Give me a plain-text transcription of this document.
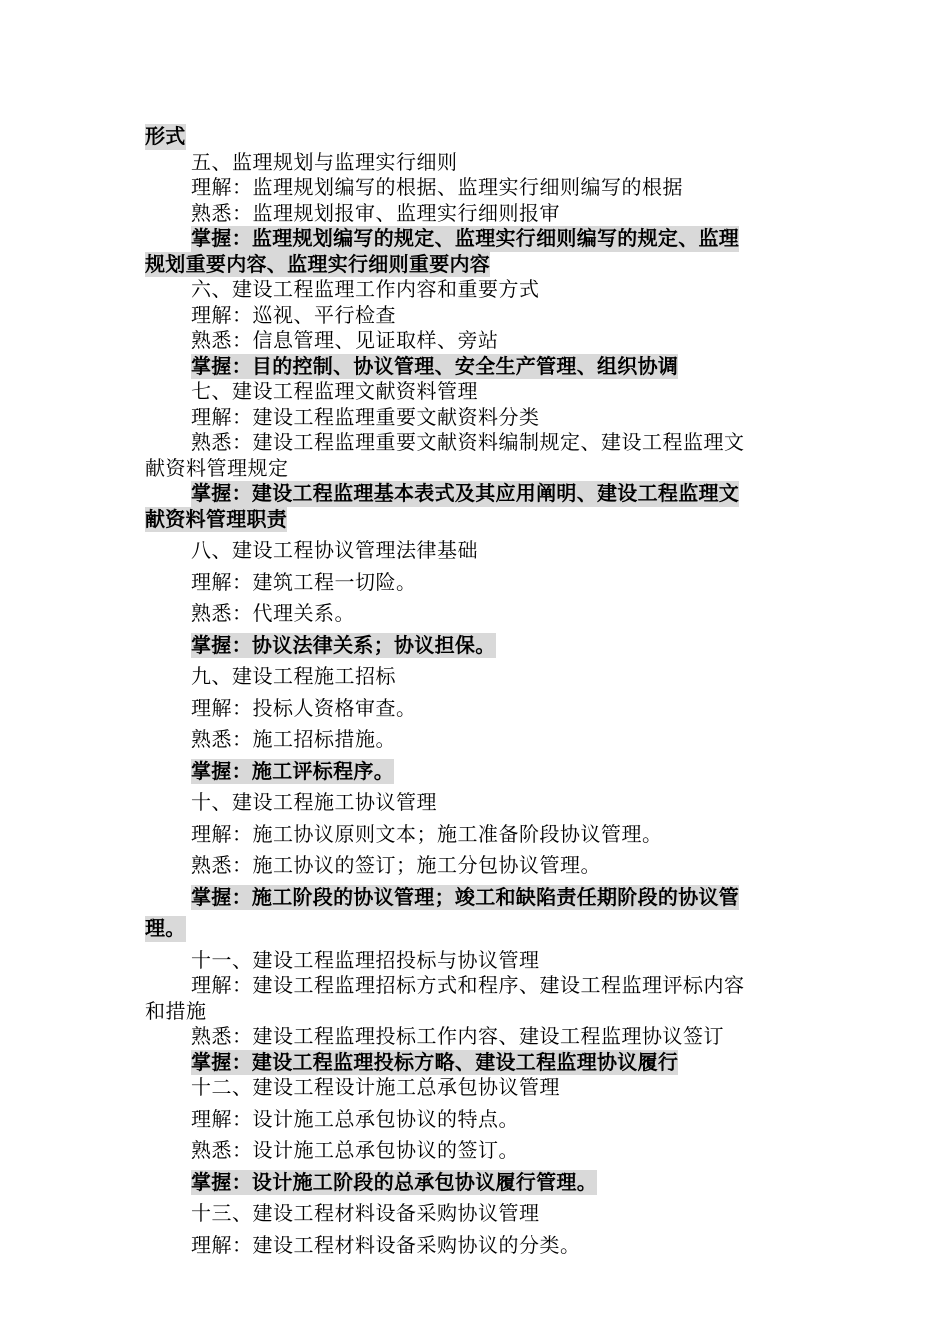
形式
五、监理规划与监理实行细则
理解：监理规划编写的根据、监理实行细则编写的根据
熟悉：监理规划报审、监理实行细则报审
掌握：监理规划编写的规定、监理实行细则编写的规定、监理
规划重要内容、监理实行细则重要内容
六、建设工程监理工作内容和重要方式
理解：巡视、平行检查
熟悉：信息管理、见证取样、旁站
掌握：目的控制、协议管理、安全生产管理、组织协调
七、建设工程监理文献资料管理
理解：建设工程监理重要文献资料分类
熟悉：建设工程监理重要文献资料编制规定、建设工程监理文
献资料管理规定
掌握：建设工程监理基本表式及其应用阐明、建设工程监理文
献资料管理职责
八、建设工程协议管理法律基础
理解：建筑工程一切险。
熟悉：代理关系。
掌握：协议法律关系；协议担保。
九、建设工程施工招标
理解：投标人资格审查。
熟悉：施工招标措施。
掌握：施工评标程序。
十、建设工程施工协议管理
理解：施工协议原则文本；施工准备阶段协议管理。
熟悉：施工协议的签订；施工分包协议管理。
掌握：施工阶段的协议管理；竣工和缺陷责任期阶段的协议管
理。
十一、建设工程监理招投标与协议管理
理解：建设工程监理招标方式和程序、建设工程监理评标内容
和措施
熟悉：建设工程监理投标工作内容、建设工程监理协议签订
掌握：建设工程监理投标方略、建设工程监理协议履行
十二、建设工程设计施工总承包协议管理
理解：设计施工总承包协议的特点。
熟悉：设计施工总承包协议的签订。
掌握：设计施工阶段的总承包协议履行管理。
十三、建设工程材料设备采购协议管理
理解：建设工程材料设备采购协议的分类。
